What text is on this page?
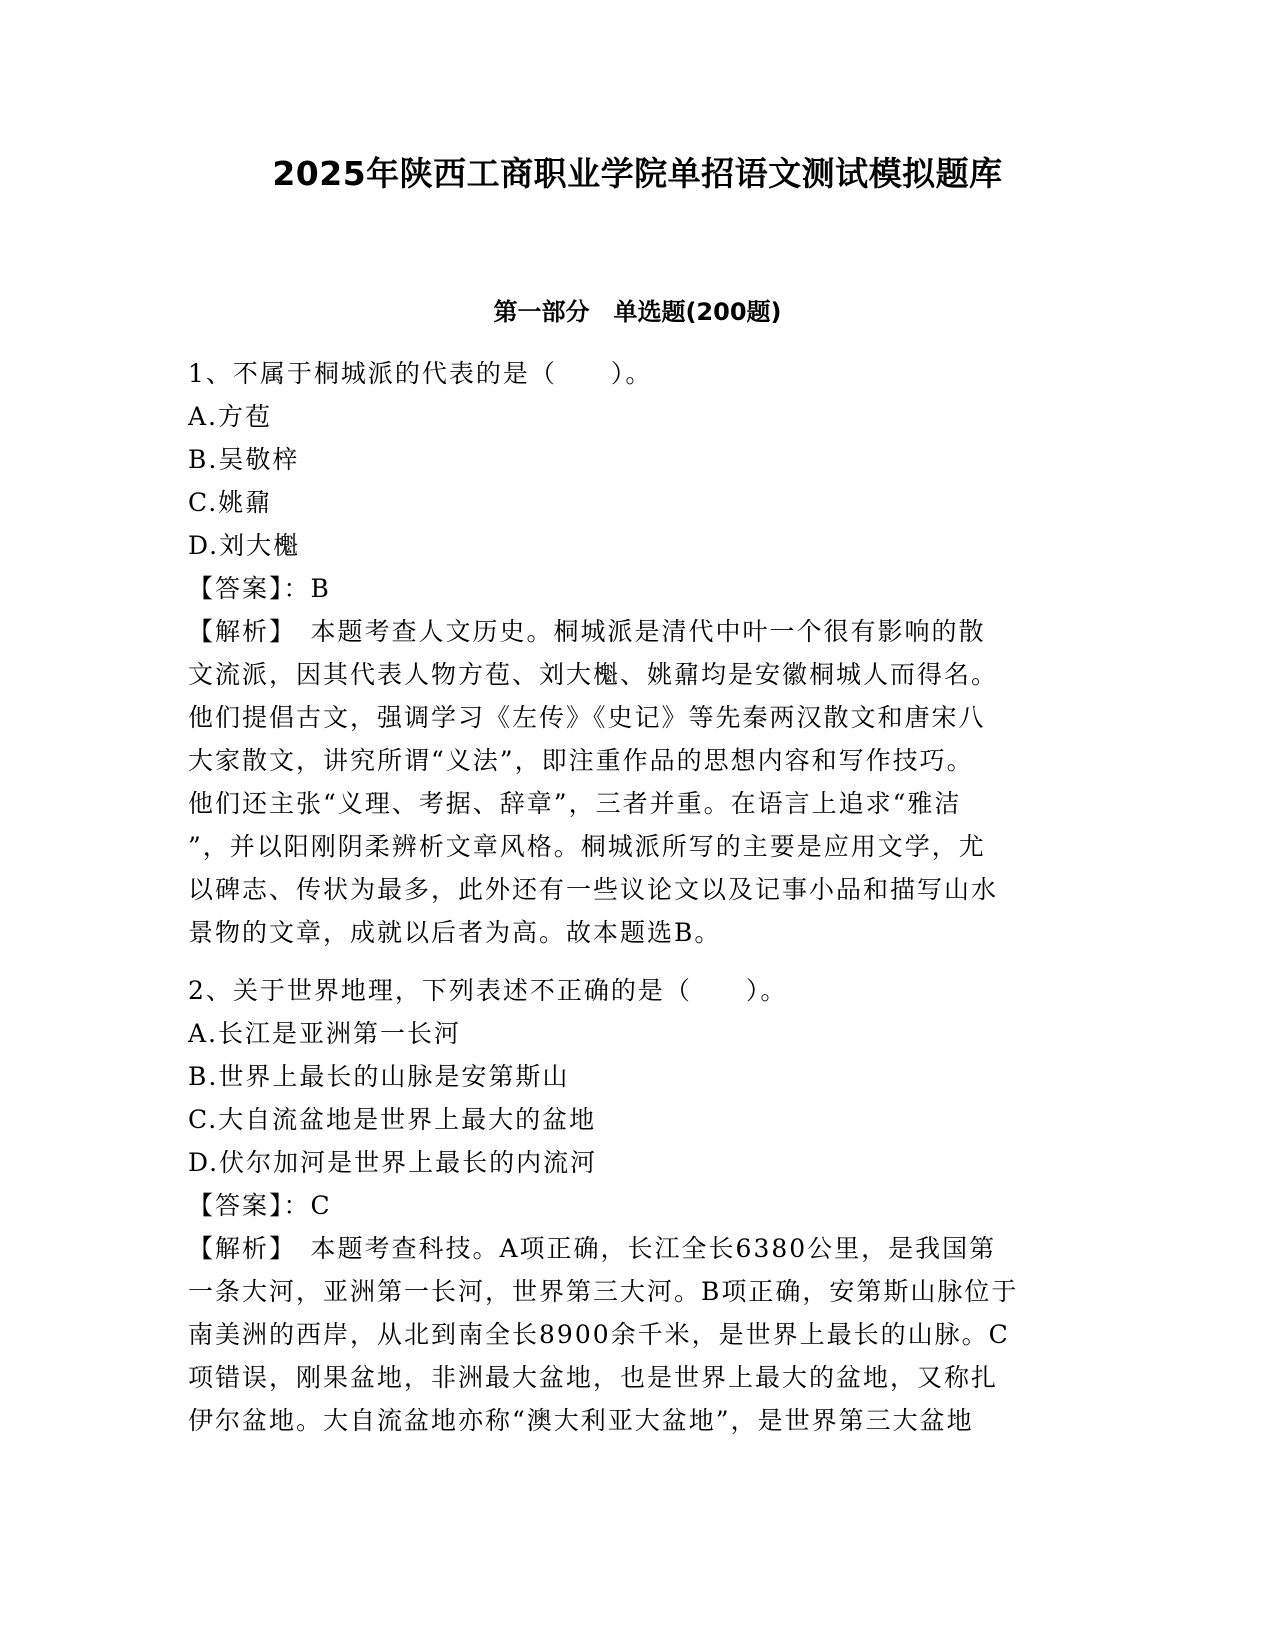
2025年陕西工商职业学院单招语文测试模拟题库
第一部分　单选题(200题)
1、不属于桐城派的代表的是（　　）。
A.方苞
B.吴敬梓
C.姚鼐
D.刘大櫆
【答案】：B
【解析】　本题考查人文历史。桐城派是清代中叶一个很有影响的散
文流派，因其代表人物方苞、刘大櫆、姚鼐均是安徽桐城人而得名。
他们提倡古文，强调学习《左传》《史记》等先秦两汉散文和唐宋八
大家散文，讲究所谓“义法”，即注重作品的思想内容和写作技巧。
他们还主张“义理、考据、辞章”，三者并重。在语言上追求“雅洁
”，并以阳刚阴柔辨析文章风格。桐城派所写的主要是应用文学，尤
以碑志、传状为最多，此外还有一些议论文以及记事小品和描写山水
景物的文章，成就以后者为高。故本题选B。
2、关于世界地理，下列表述不正确的是（　　）。
A.长江是亚洲第一长河
B.世界上最长的山脉是安第斯山
C.大自流盆地是世界上最大的盆地
D.伏尔加河是世界上最长的内流河
【答案】：C
【解析】　本题考查科技。A项正确，长江全长6380公里，是我国第
一条大河，亚洲第一长河，世界第三大河。B项正确，安第斯山脉位于
南美洲的西岸，从北到南全长8900余千米，是世界上最长的山脉。C
项错误，刚果盆地，非洲最大盆地，也是世界上最大的盆地，又称扎
伊尔盆地。大自流盆地亦称“澳大利亚大盆地”，是世界第三大盆地
